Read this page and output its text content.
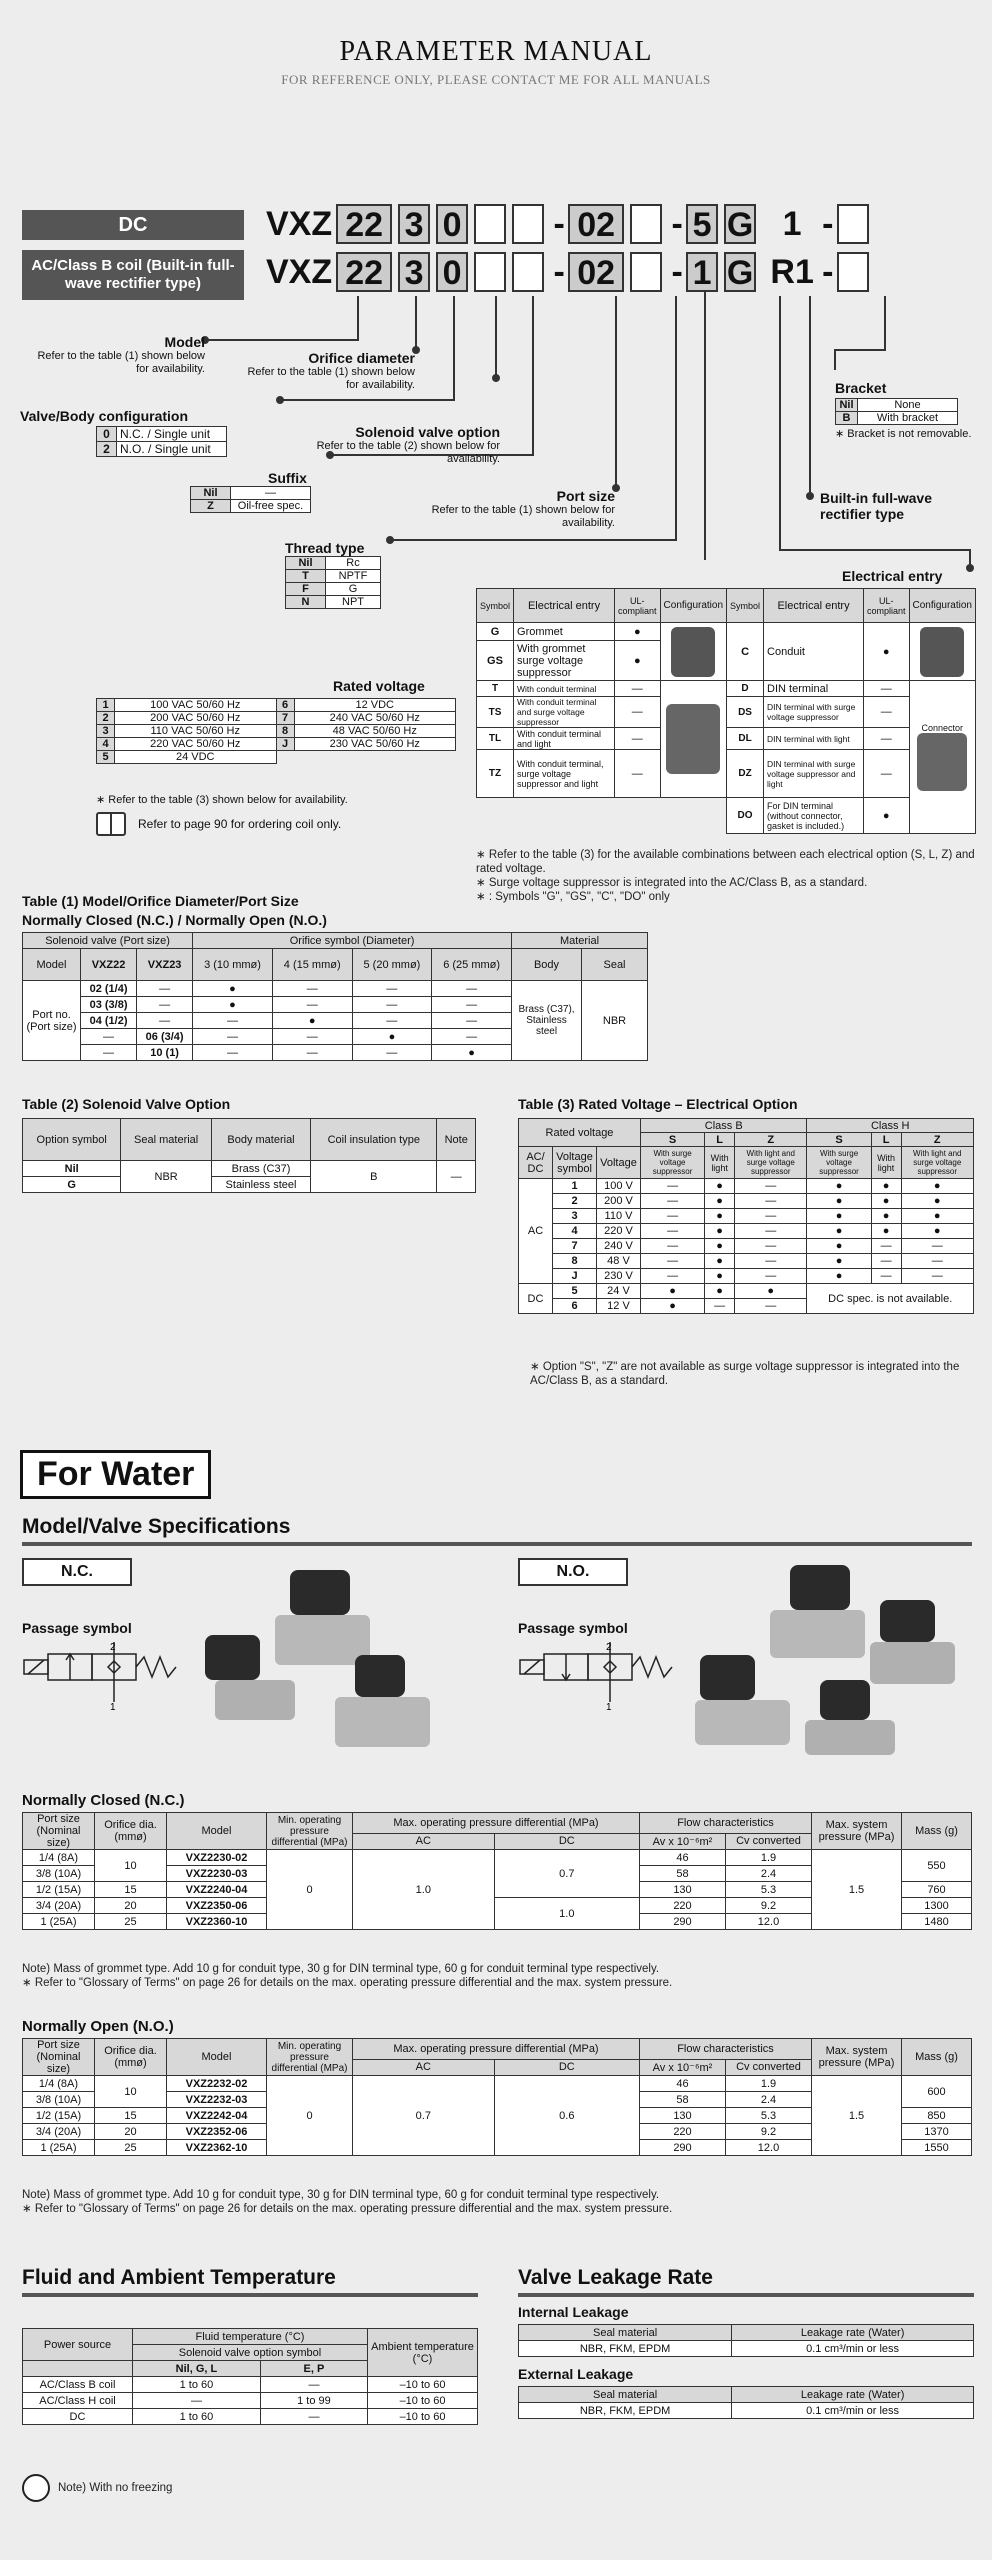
PARAMETER MANUAL
FOR REFERENCE ONLY, PLEASE CONTACT ME FOR ALL MANUALS
DC
AC/Class B coil (Built-in full-wave rectifier type)
VXZ 22 3 0	- 02 - 5 G 1 -
VXZ 22 3 0	- 02 - 1 G R1 -
Model
Refer to the table (1) shown below for availability.
Orifice diameter
Refer to the table (1) shown below for availability.
Valve/Body configuration
0	N.C. / Single unit
2	N.O. / Single unit
Solenoid valve option
Refer to the table (2) shown below for availability.
Suffix
Nil	—
Z	Oil-free spec.
Port size
Refer to the table (1) shown below for availability.
Thread type
Nil	Rc
T	NPTF
F	G
N	NPT
Bracket
Nil	None
B	With bracket
∗ Bracket is not removable.
Built-in full-wave rectifier type
Rated voltage
1	100 VAC 50/60 Hz	6	12 VDC
2	200 VAC 50/60 Hz	7	240 VAC 50/60 Hz
3	110 VAC 50/60 Hz	8	48 VAC 50/60 Hz
4	220 VAC 50/60 Hz	J	230 VAC 50/60 Hz
5	24 VDC		
∗ Refer to the table (3) shown below for availability.
Refer to page 90 for ordering coil only.
Electrical entry
Symbol	Electrical entry	UL-compliant	Configuration	Symbol	Electrical entry	UL-compliant	Configuration
G	Grommet	●		C	Conduit	●	

GS	With grommet surge voltage suppressor	●					
T	With conduit terminal	—		D	DIN terminal	—	Connector

TS	With conduit terminal and surge voltage suppressor	—		DS	DIN terminal with surge voltage suppressor	—	
TL	With conduit terminal and light	—		DL	DIN terminal with light	—	
TZ	With conduit terminal, surge voltage suppressor and light	—		DZ	DIN terminal with surge voltage suppressor and light	—	
				DO	For DIN terminal (without connector, gasket is included.)	●	
∗ Refer to the table (3) for the available combinations between each electrical option (S, L, Z) and rated voltage.
∗ Surge voltage suppressor is integrated into the AC/Class B, as a standard.
∗ : Symbols "G", "GS", "C", "DO" only
Table (1) Model/Orifice Diameter/Port Size
Normally Closed (N.C.) / Normally Open (N.O.)
Solenoid valve (Port size)			Orifice symbol (Diameter)				Material	
Model	VXZ22	VXZ23	3 (10 mmø)	4 (15 mmø)	5 (20 mmø)	6 (25 mmø)	Body	Seal
Port no. (Port size)	02 (1/4)	—	●	—	—	—	Brass (C37), Stainless steel	NBR
	03 (3/8)	—	●	—	—	—		
	04 (1/2)	—	—	●	—	—		
	—	06 (3/4)	—	—	●	—		
	—	10 (1)	—	—	—	●		
Table (2) Solenoid Valve Option
Option symbol	Seal material	Body material	Coil insulation type	Note
Nil	NBR	Brass (C37)	B	—
G		Stainless steel		
Table (3) Rated Voltage – Electrical Option
Rated voltage			Class B			Class H		
			S	L	Z	S	L	Z
AC/ DC	Voltage symbol	Voltage	With surge voltage suppressor	With light	With light and surge voltage suppressor	With surge voltage suppressor	With light	With light and surge voltage suppressor
AC	1	100 V	—	●	—	●	●	●
	2	200 V	—	●	—	●	●	●
	3	110 V	—	●	—	●	●	●
	4	220 V	—	●	—	●	●	●
	7	240 V	—	●	—	●	—	—
	8	48 V	—	●	—	●	—	—
	J	230 V	—	●	—	●	—	—
DC	5	24 V	●	●	●	DC spec. is not available.		
	6	12 V	●	—	—			
∗ Option "S", "Z" are not available as surge voltage suppressor is integrated into the AC/Class B, as a standard.
For Water
Model/Valve Specifications
N.C.	N.O.
Passage symbol	Passage symbol
2
1
2
1
Normally Closed (N.C.)
Port size (Nominal size)	Orifice dia. (mmø)	Model	Min. operating pressure differential (MPa)	Max. operating pressure differential (MPa)		Flow characteristics		Max. system pressure (MPa)	Mass (g)
				AC	DC	Av x 10⁻⁶m²	Cv converted		
1/4 (8A)	10	VXZ2230-02	0	1.0	0.7	46	1.9	1.5	550
3/8 (10A)		VXZ2230-03				58	2.4		
1/2 (15A)	15	VXZ2240-04				130	5.3		760
3/4 (20A)	20	VXZ2350-06			1.0	220	9.2		1300
1 (25A)	25	VXZ2360-10				290	12.0		1480
Note) Mass of grommet type. Add 10 g for conduit type, 30 g for DIN terminal type, 60 g for conduit terminal type respectively.
∗ Refer to "Glossary of Terms" on page 26 for details on the max. operating pressure differential and the max. system pressure.
Normally Open (N.O.)
Port size (Nominal size)	Orifice dia. (mmø)	Model	Min. operating pressure differential (MPa)	Max. operating pressure differential (MPa)		Flow characteristics		Max. system pressure (MPa)	Mass (g)
				AC	DC	Av x 10⁻⁶m²	Cv converted		
1/4 (8A)	10	VXZ2232-02	0	0.7	0.6	46	1.9	1.5	600
3/8 (10A)		VXZ2232-03				58	2.4		
1/2 (15A)	15	VXZ2242-04				130	5.3		850
3/4 (20A)	20	VXZ2352-06				220	9.2		1370
1 (25A)	25	VXZ2362-10				290	12.0		1550
Note) Mass of grommet type. Add 10 g for conduit type, 30 g for DIN terminal type, 60 g for conduit terminal type respectively.
∗ Refer to "Glossary of Terms" on page 26 for details on the max. operating pressure differential and the max. system pressure.
Fluid and Ambient Temperature
Power source	Fluid temperature (°C)		Ambient temperature (°C)
	Solenoid valve option symbol		
	Nil, G, L	E, P	
AC/Class B coil	1 to 60	—	–10 to 60
AC/Class H coil	—	1 to 99	–10 to 60
DC	1 to 60	—	–10 to 60
Note) With no freezing
Valve Leakage Rate
Internal Leakage
Seal material	Leakage rate (Water)
NBR, FKM, EPDM	0.1 cm³/min or less
External Leakage
Seal material	Leakage rate (Water)
NBR, FKM, EPDM	0.1 cm³/min or less
